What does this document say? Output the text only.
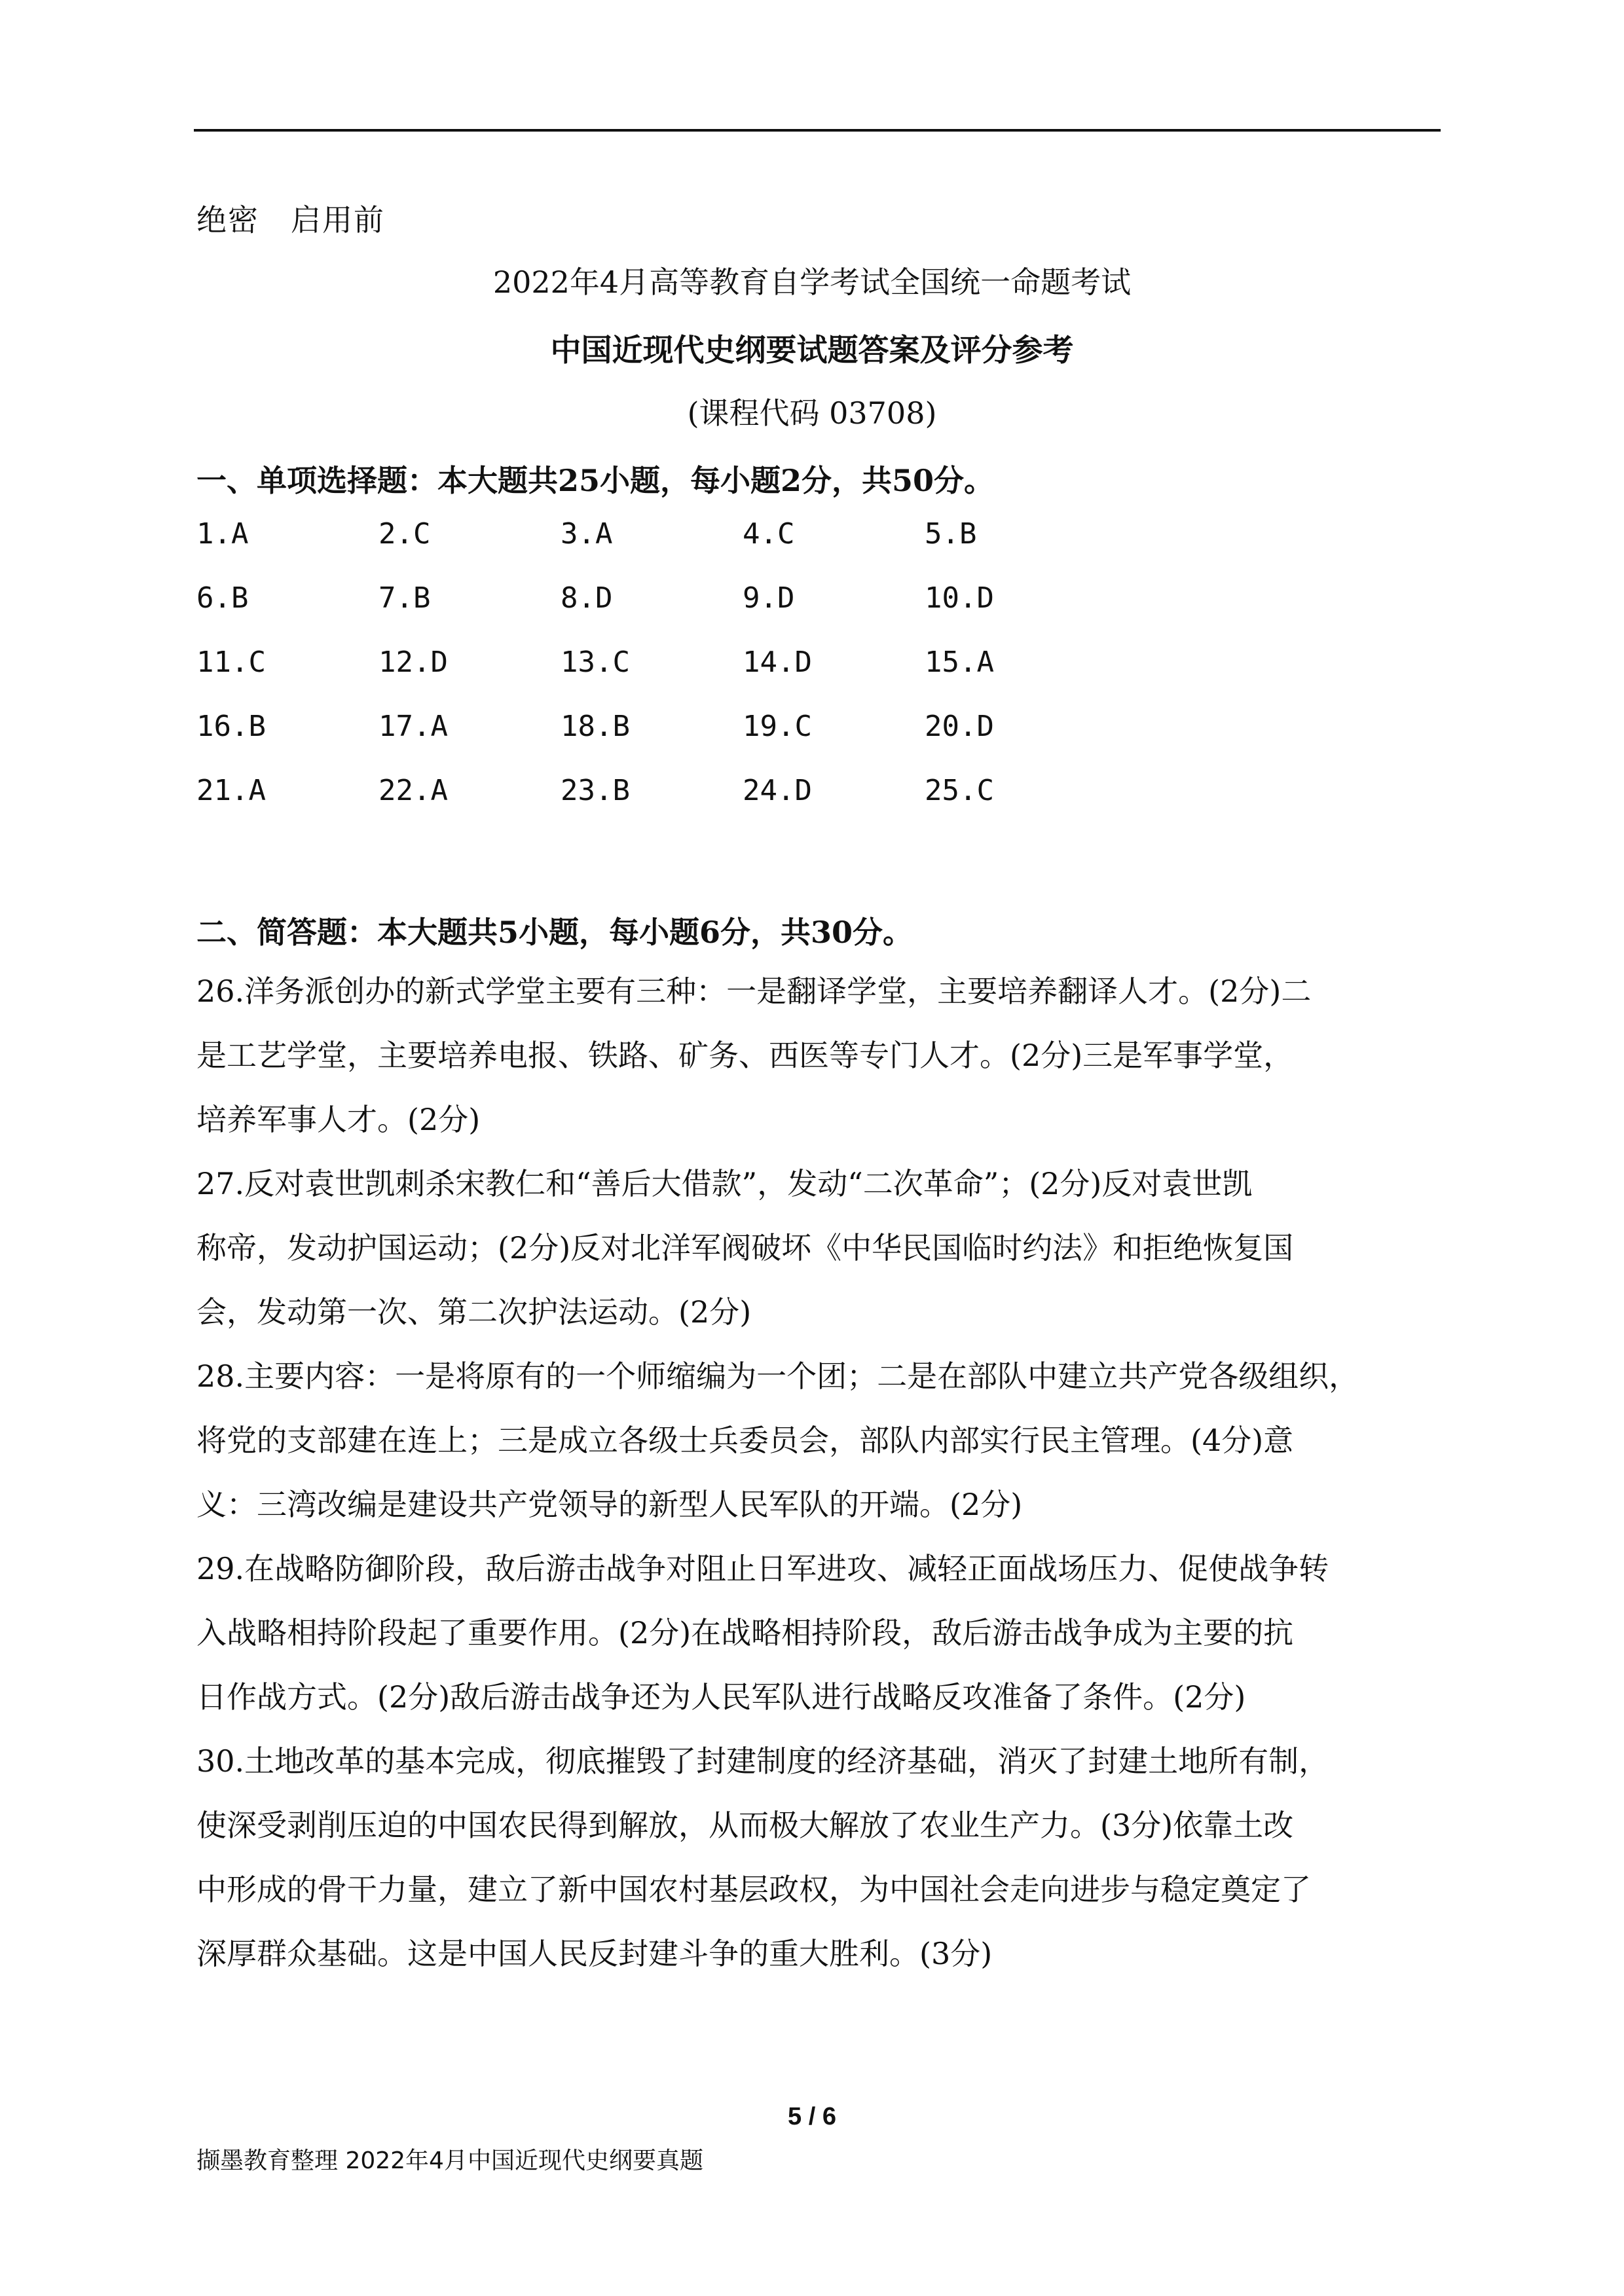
绝密　启用前
2022年4月高等教育自学考试全国统一命题考试
中国近现代史纲要试题答案及评分参考
(课程代码 03708)
一、单项选择题：本大题共25小题，每小题2分，共50分。
1.A	2.C	3.A	4.C	5.B
6.B	7.B	8.D	9.D	10.D
11.C	12.D	13.C	14.D	15.A
16.B	17.A	18.B	19.C	20.D
21.A	22.A	23.B	24.D	25.C
二、简答题：本大题共5小题，每小题6分，共30分。
26.洋务派创办的新式学堂主要有三种：一是翻译学堂，主要培养翻译人才。(2分)二
是工艺学堂，主要培养电报、铁路、矿务、西医等专门人才。(2分)三是军事学堂，
培养军事人才。(2分)
27.反对袁世凯刺杀宋教仁和“善后大借款”，发动“二次革命”；(2分)反对袁世凯
称帝，发动护国运动；(2分)反对北洋军阀破坏《中华民国临时约法》和拒绝恢复国
会，发动第一次、第二次护法运动。(2分)
28.主要内容：一是将原有的一个师缩编为一个团；二是在部队中建立共产党各级组织，
将党的支部建在连上；三是成立各级士兵委员会，部队内部实行民主管理。(4分)意
义：三湾改编是建设共产党领导的新型人民军队的开端。(2分)
29.在战略防御阶段，敌后游击战争对阻止日军进攻、减轻正面战场压力、促使战争转
入战略相持阶段起了重要作用。(2分)在战略相持阶段，敌后游击战争成为主要的抗
日作战方式。(2分)敌后游击战争还为人民军队进行战略反攻准备了条件。(2分)
30.土地改革的基本完成，彻底摧毁了封建制度的经济基础，消灭了封建土地所有制，
使深受剥削压迫的中国农民得到解放，从而极大解放了农业生产力。(3分)依靠土改
中形成的骨干力量，建立了新中国农村基层政权，为中国社会走向进步与稳定奠定了
深厚群众基础。这是中国人民反封建斗争的重大胜利。(3分)
5 / 6
撷墨教育整理 2022年4月中国近现代史纲要真题
